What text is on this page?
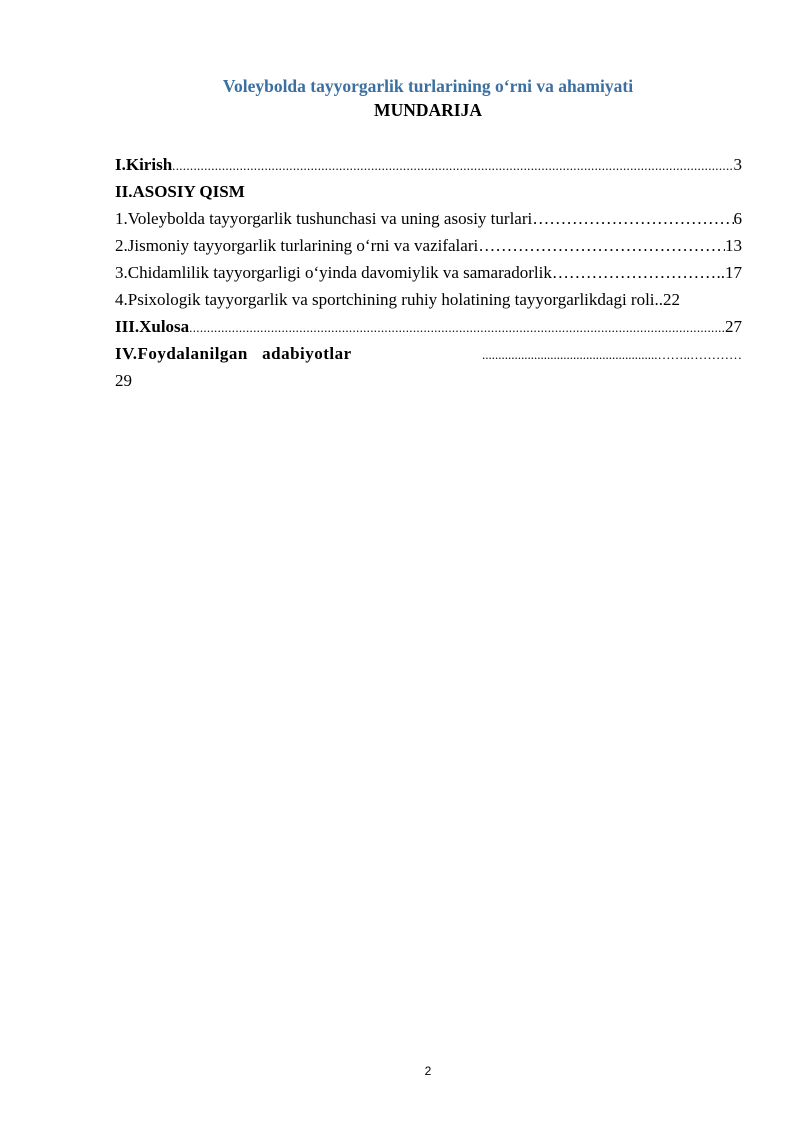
Voleybolda tayyorgarlik turlarining o‘rni va ahamiyati
MUNDARIJA
I.Kirish .....	3
II.ASOSIY QISM
1.Voleybolda tayyorgarlik tushunchasi va uning asosiy turlari ………………………………………………………………………………………………………………………………	6
2.Jismoniy tayyorgarlik turlarining o‘rni va vazifalari ………………………………………………………………………………………………………………………………	13
3.Chidamlilik tayyorgarligi o‘yinda davomiylik va samaradorlik ………………………………………………………………………………………………………………………………	..17
4.Psixologik tayyorgarlik va sportchining ruhiy holatining tayyorgarlikdagi roli.. 22
III.Xulosa .....	27
IV.Foydalanilgan   adabiyotlar	......................................................……..…………
29
2
